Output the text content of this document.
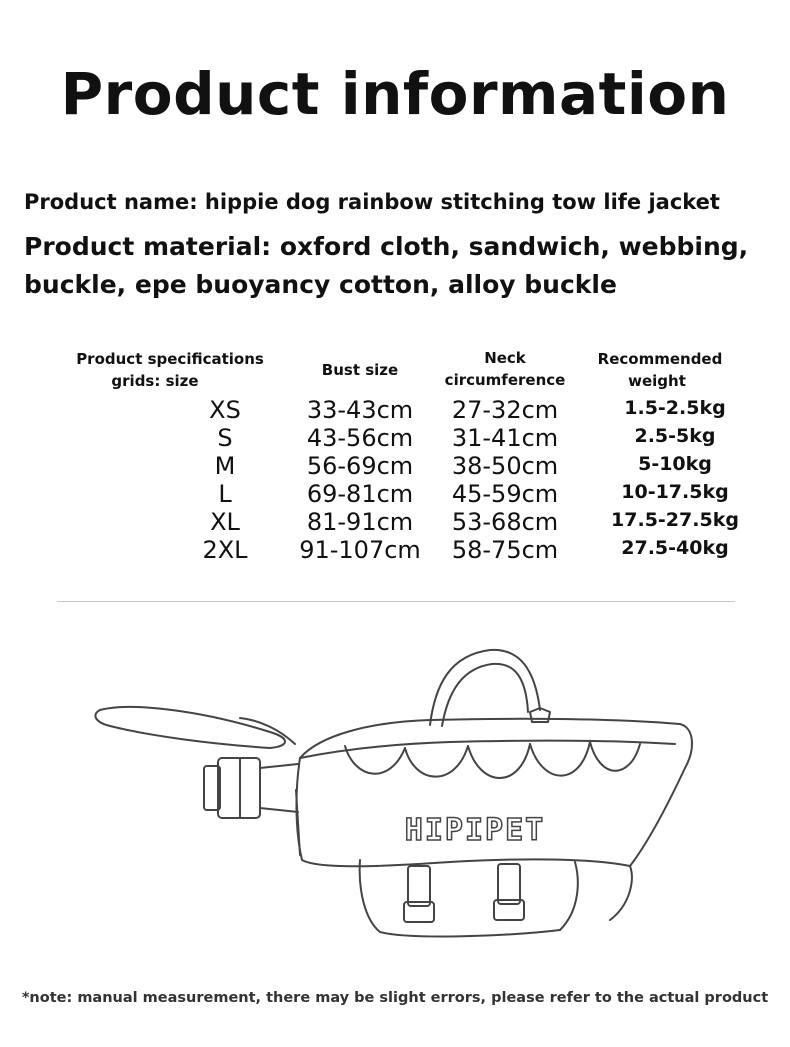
Product information
Product name: hippie dog rainbow stitching tow life jacket
Product material: oxford cloth, sandwich, webbing, buckle, epe buoyancy cotton, alloy buckle
Product specifications
grids: size
Bust size
Neck
circumference
Recommended
weight
XS
S
M
L
XL
2XL
33-43cm
43-56cm
56-69cm
69-81cm
81-91cm
91-107cm
27-32cm
31-41cm
38-50cm
45-59cm
53-68cm
58-75cm
1.5-2.5kg
2.5-5kg
5-10kg
10-17.5kg
17.5-27.5kg
27.5-40kg
HIPIPET
*note: manual measurement, there may be slight errors, please refer to the actual product
